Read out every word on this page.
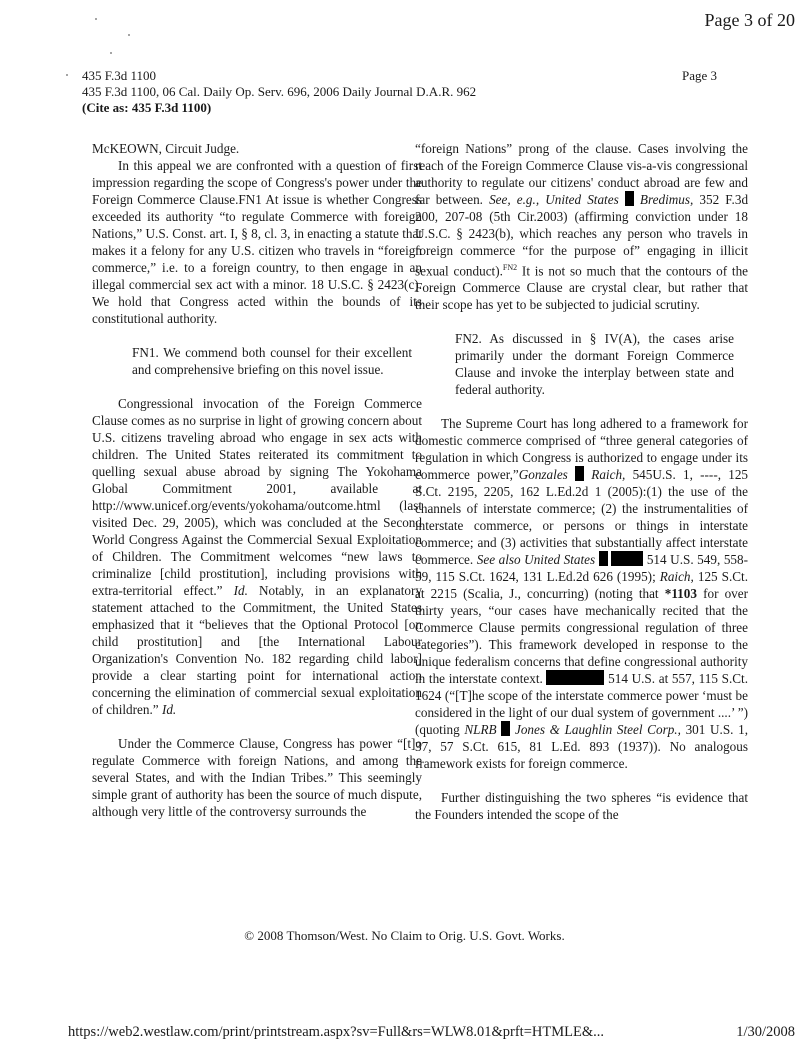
Page 3 of 20
435 F.3d 1100
435 F.3d 1100, 06 Cal. Daily Op. Serv. 696, 2006 Daily Journal D.A.R. 962
(Cite as: 435 F.3d 1100)
Page 3
McKEOWN, Circuit Judge.

In this appeal we are confronted with a question of first impression regarding the scope of Congress's power under the Foreign Commerce Clause.FN1 At issue is whether Congress exceeded its authority “to regulate Commerce with foreign Nations,” U.S. Const. art. I, § 8, cl. 3, in enacting a statute that makes it a felony for any U.S. citizen who travels in “foreign commerce,” i.e. to a foreign country, to then engage in an illegal commercial sex act with a minor. 18 U.S.C. § 2423(c). We hold that Congress acted within the bounds of its constitutional authority.

FN1. We commend both counsel for their excellent and comprehensive briefing on this novel issue.

Congressional invocation of the Foreign Commerce Clause comes as no surprise in light of growing concern about U.S. citizens traveling abroad who engage in sex acts with children. The United States reiterated its commitment to quelling sexual abuse abroad by signing The Yokohama Global Commitment 2001, available at http://www.unicef.org/events/yokohama/outcome.html (last visited Dec. 29, 2005), which was concluded at the Second World Congress Against the Commercial Sexual Exploitation of Children. The Commitment welcomes “new laws to criminalize [child prostitution], including provisions with extra-territorial effect.” Id. Notably, in an explanatory statement attached to the Commitment, the United States emphasized that it “believes that the Optional Protocol [on child prostitution] and [the International Labour Organization's Convention No. 182 regarding child labor] provide a clear starting point for international action concerning the elimination of commercial sexual exploitation of children.” Id.

Under the Commerce Clause, Congress has power “[t]o regulate Commerce with foreign Nations, and among the several States, and with the Indian Tribes.” This seemingly simple grant of authority has been the source of much dispute, although very little of the controversy surrounds the

“foreign Nations” prong of the clause. Cases involving the reach of the Foreign Commerce Clause vis-a-vis congressional authority to regulate our citizens' conduct abroad are few and far between. See, e.g., United States Bredimus, 352 F.3d 200, 207-08 (5th Cir.2003) (affirming conviction under 18 U.S.C. § 2423(b), which reaches any person who travels in foreign commerce “for the purpose of” engaging in illicit sexual conduct).$^{FN2}$ It is not so much that the contours of the Foreign Commerce Clause are crystal clear, but rather that their scope has yet to be subjected to judicial scrutiny.

FN2. As discussed in § IV(A), the cases arise primarily under the dormant Foreign Commerce Clause and invoke the interplay between state and federal authority.

The Supreme Court has long adhered to a framework for domestic commerce comprised of “three general categories of regulation in which Congress is authorized to engage under its commerce power,”Gonzales Raich, 545U.S. 1, ----, 125 S.Ct. 2195, 2205, 162 L.Ed.2d 1 (2005):(1) the use of the channels of interstate commerce; (2) the instrumentalities of interstate commerce, or persons or things in interstate commerce; and (3) activities that substantially affect interstate commerce. See also United States	514 U.S. 549, 558-59, 115 S.Ct. 1624, 131 L.Ed.2d 626 (1995); Raich, 125 S.Ct. at 2215 (Scalia, J., concurring) (noting that *1103 for over thirty years, “our cases have mechanically recited that the Commerce Clause permits congressional regulation of three categories”). This framework developed in response to the unique federalism concerns that define congressional authority in the interstate context.	514 U.S. at 557, 115 S.Ct. 1624 (“[T]he scope of the interstate commerce power ‘must be considered in the light of our dual system of government ....’ ”) (quoting NLRB Jones & Laughlin Steel Corp., 301 U.S. 1, 37, 57 S.Ct. 615, 81 L.Ed. 893 (1937)). No analogous framework exists for foreign commerce.

Further distinguishing the two spheres “is evidence that the Founders intended the scope of the

© 2008 Thomson/West. No Claim to Orig. U.S. Govt. Works.
https://web2.westlaw.com/print/printstream.aspx?sv=Full&rs=WLW8.01&prft=HTMLE&...	1/30/2008
